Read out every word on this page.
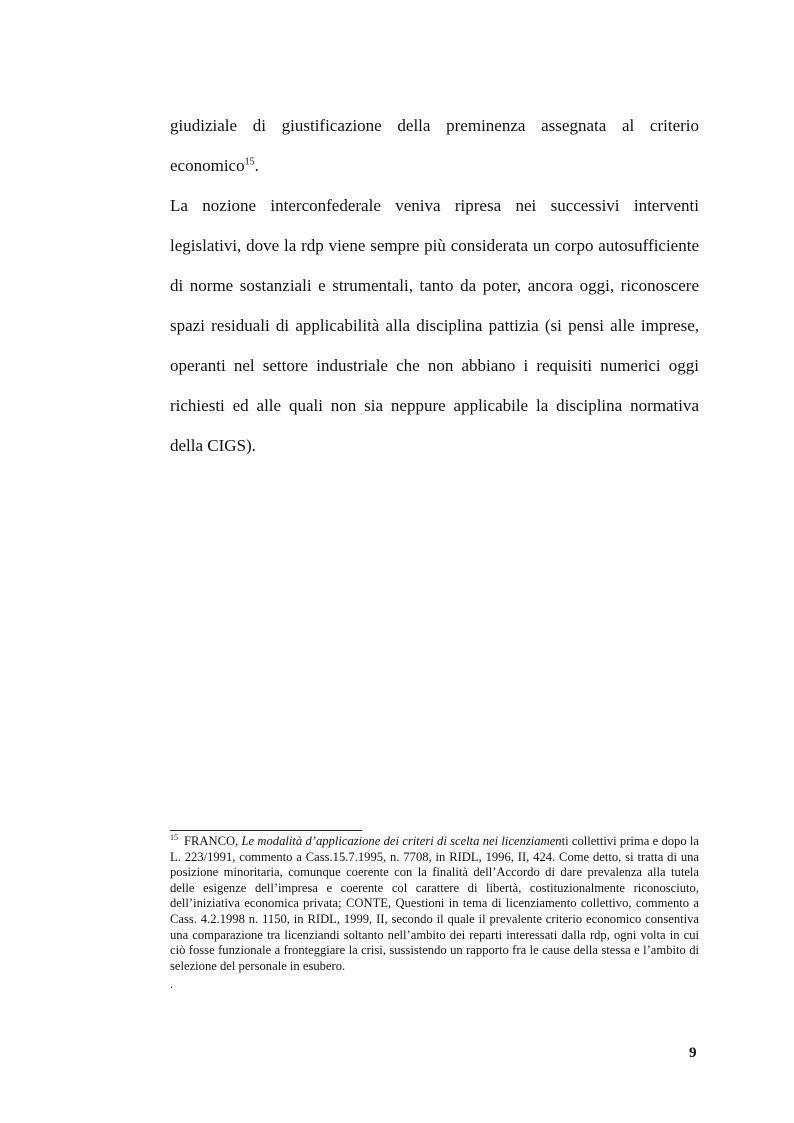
giudiziale di giustificazione della preminenza assegnata al criterio economico$^{15}$.

La nozione interconfederale veniva ripresa nei successivi interventi legislativi, dove la rdp viene sempre più considerata un corpo autosufficiente di norme sostanziali e strumentali, tanto da poter, ancora oggi, riconoscere spazi residuali di applicabilità alla disciplina pattizia (si pensi alle imprese, operanti nel settore industriale che non abbiano i requisiti numerici oggi richiesti ed alle quali non sia neppure applicabile la disciplina normativa della CIGS).

$^{15}$ FRANCO, Le modalità d’applicazione dei criteri di scelta nei licenziamenti collettivi prima e dopo la L. 223/1991, commento a Cass.15.7.1995, n. 7708, in RIDL, 1996, II, 424. Come detto, si tratta di una posizione minoritaria, comunque coerente con la finalità dell’Accordo di dare prevalenza alla tutela delle esigenze dell’impresa e coerente col carattere di libertà, costituzionalmente riconosciuto, dell’iniziativa economica privata; CONTE, Questioni in tema di licenziamento collettivo, commento a Cass. 4.2.1998 n. 1150, in RIDL, 1999, II, secondo il quale il prevalente criterio economico consentiva una comparazione tra licenziandi soltanto nell’ambito dei reparti interessati dalla rdp, ogni volta in cui ciò fosse funzionale a fronteggiare la crisi, sussistendo un rapporto fra le cause della stessa e l’ambito di selezione del personale in esubero.

.
9
